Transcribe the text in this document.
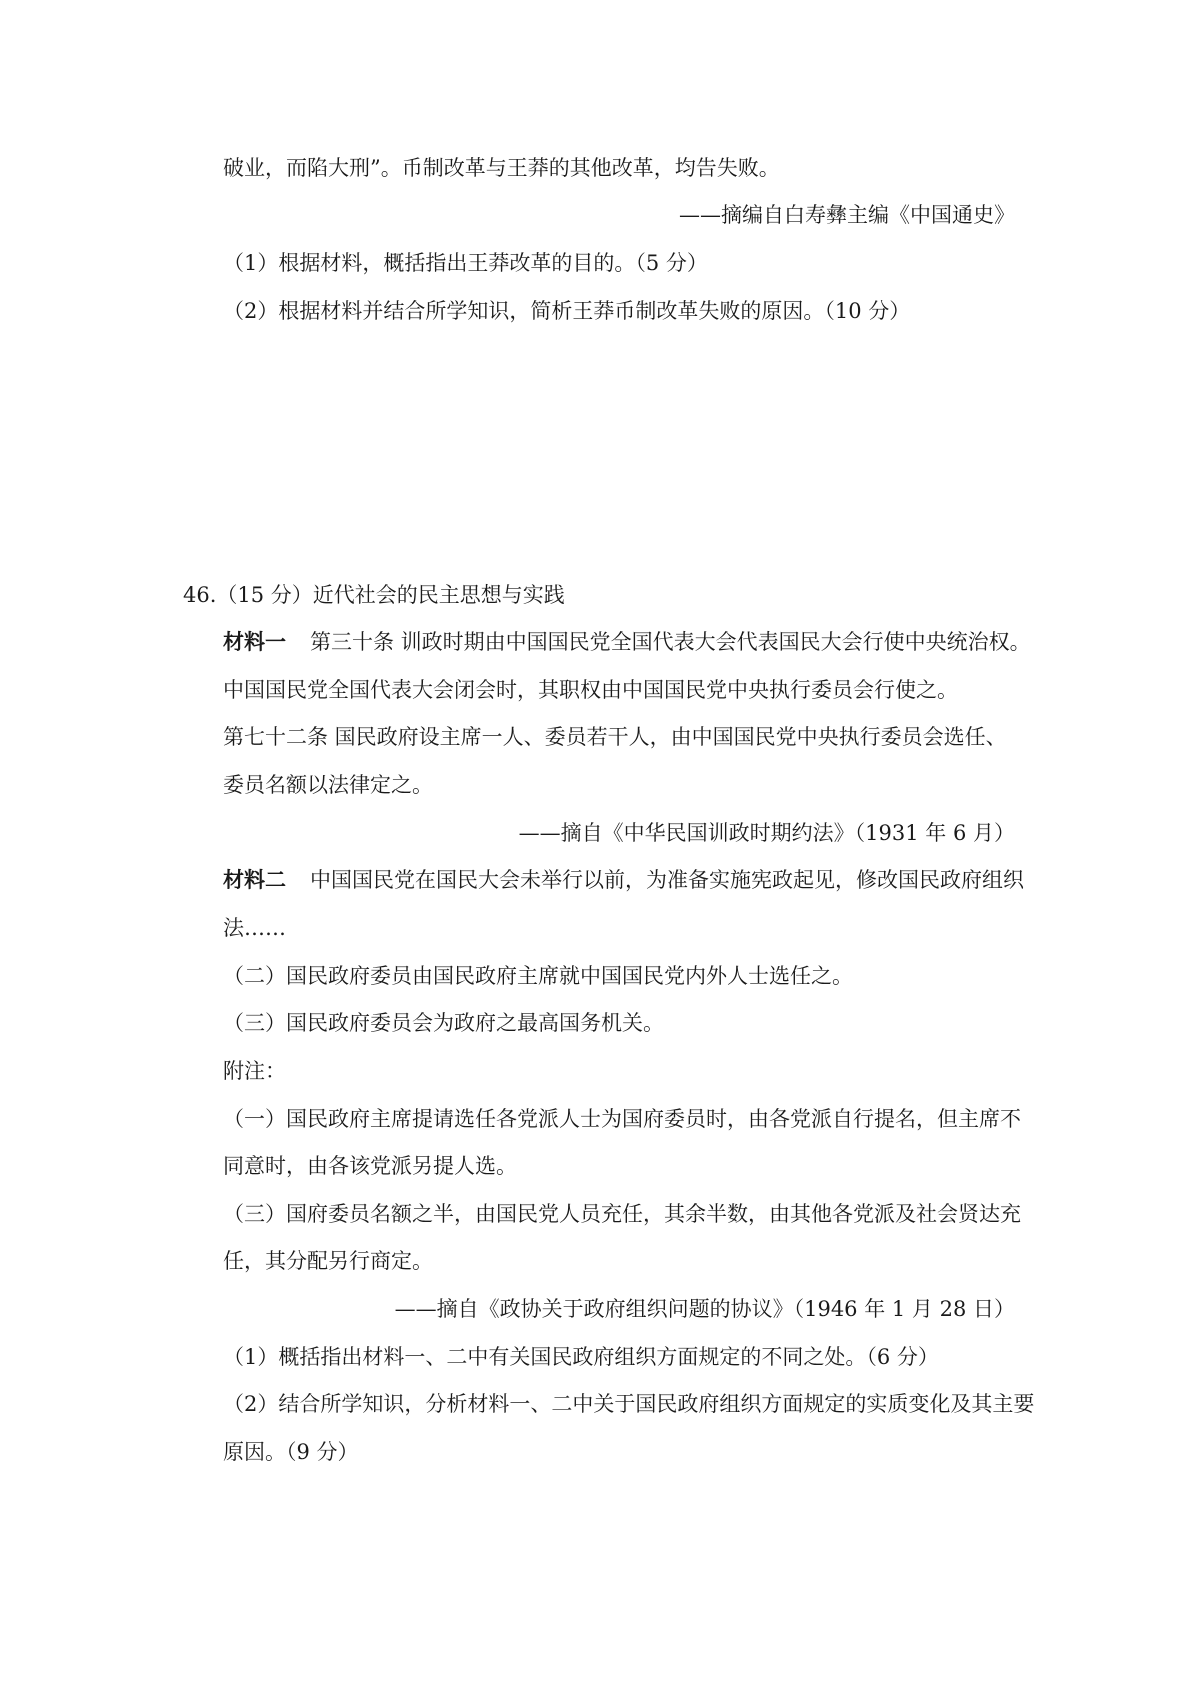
破业，而陷大刑”。币制改革与王莽的其他改革，均告失败。
——摘编自白寿彝主编《中国通史》
（1）根据材料，概括指出王莽改革的目的。（5 分）
（2）根据材料并结合所学知识，简析王莽币制改革失败的原因。（10 分）
46.（15 分）近代社会的民主思想与实践
材料一 第三十条 训政时期由中国国民党全国代表大会代表国民大会行使中央统治权。
中国国民党全国代表大会闭会时，其职权由中国国民党中央执行委员会行使之。
第七十二条 国民政府设主席一人、委员若干人，由中国国民党中央执行委员会选任、
委员名额以法律定之。
——摘自《中华民国训政时期约法》（1931 年 6 月）
材料二 中国国民党在国民大会未举行以前，为准备实施宪政起见，修改国民政府组织
法……
（二）国民政府委员由国民政府主席就中国国民党内外人士选任之。
（三）国民政府委员会为政府之最高国务机关。
附注：
（一）国民政府主席提请选任各党派人士为国府委员时，由各党派自行提名，但主席不
同意时，由各该党派另提人选。
（三）国府委员名额之半，由国民党人员充任，其余半数，由其他各党派及社会贤达充
任，其分配另行商定。
——摘自《政协关于政府组织问题的协议》（1946 年 1 月 28 日）
（1）概括指出材料一、二中有关国民政府组织方面规定的不同之处。（6 分）
（2）结合所学知识，分析材料一、二中关于国民政府组织方面规定的实质变化及其主要
原因。（9 分）
